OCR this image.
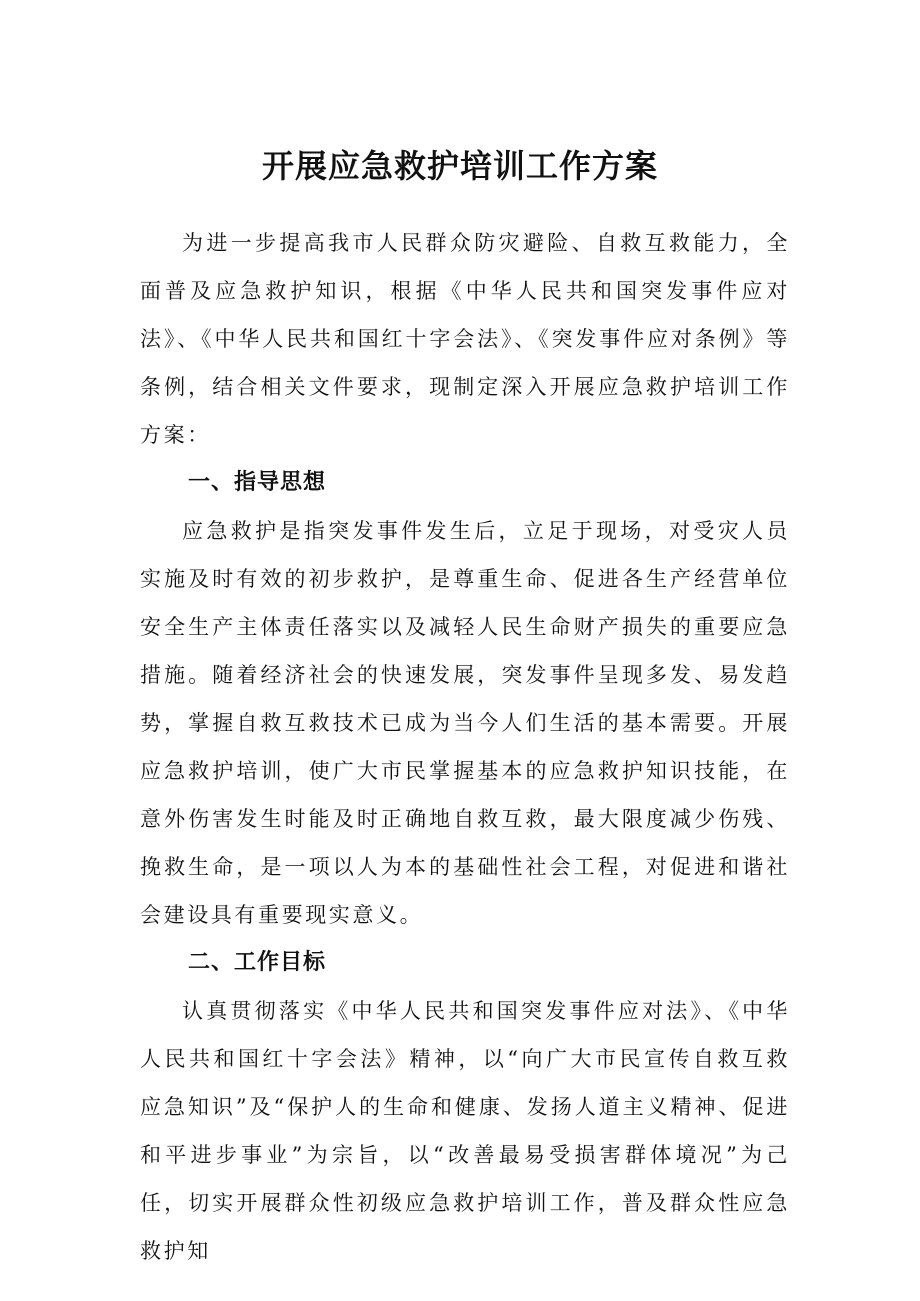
开展应急救护培训工作方案

为进一步提高我市人民群众防灾避险、自救互救能力，全面普及应急救护知识，根据《中华人民共和国突发事件应对法》、《中华人民共和国红十字会法》、《突发事件应对条例》等条例，结合相关文件要求，现制定深入开展应急救护培训工作方案：

一、指导思想

应急救护是指突发事件发生后，立足于现场，对受灾人员实施及时有效的初步救护，是尊重生命、促进各生产经营单位安全生产主体责任落实以及减轻人民生命财产损失的重要应急措施。随着经济社会的快速发展，突发事件呈现多发、易发趋势，掌握自救互救技术已成为当今人们生活的基本需要。开展应急救护培训，使广大市民掌握基本的应急救护知识技能，在意外伤害发生时能及时正确地自救互救，最大限度减少伤残、挽救生命，是一项以人为本的基础性社会工程，对促进和谐社会建设具有重要现实意义。

二、工作目标

认真贯彻落实《中华人民共和国突发事件应对法》、《中华人民共和国红十字会法》精神，以“向广大市民宣传自救互救应急知识”及“保护人的生命和健康、发扬人道主义精神、促进和平进步事业”为宗旨，以“改善最易受损害群体境况”为己任，切实开展群众性初级应急救护培训工作，普及群众性应急救护知
